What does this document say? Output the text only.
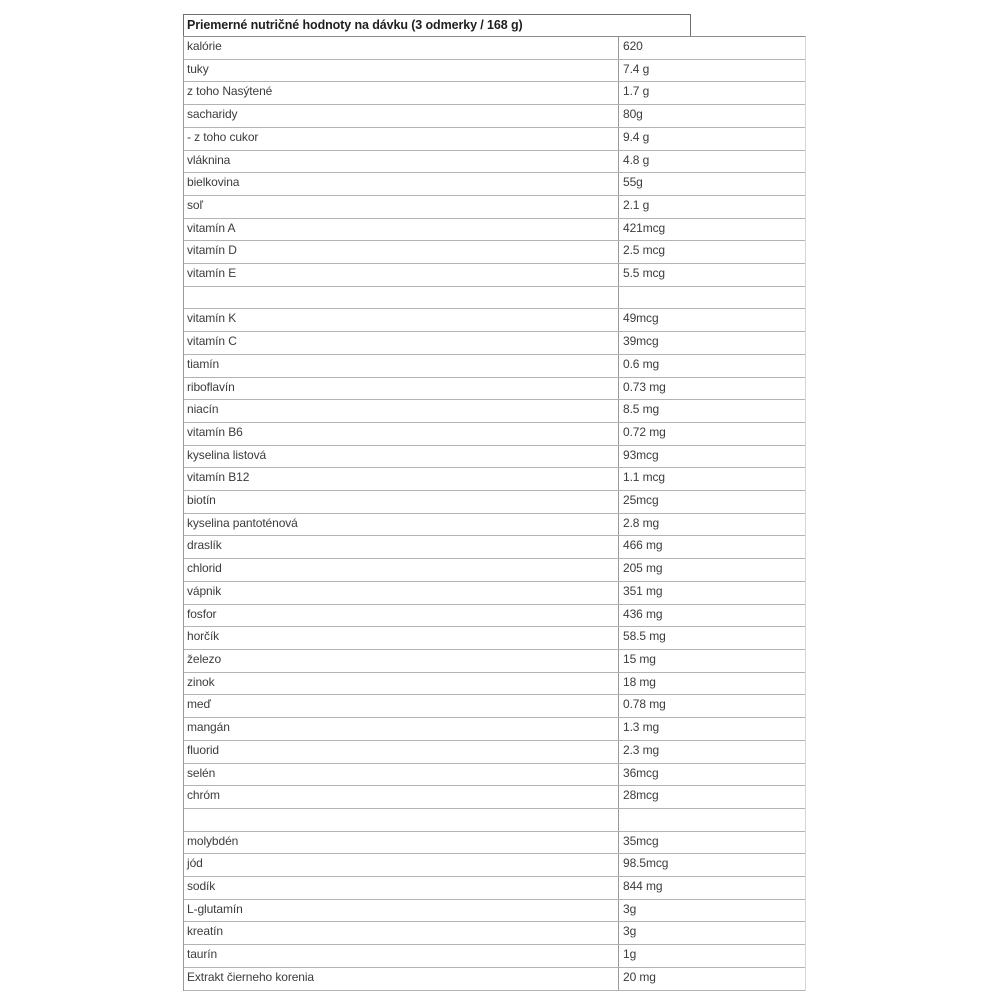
Priemerné nutričné hodnoty na dávku (3 odmerky / 168 g)
kalórie	620
tuky	7.4 g
z toho Nasýtené	1.7 g
sacharidy	80g
- z toho cukor	9.4 g
vláknina	4.8 g
bielkovina	55g
soľ	2.1 g
vitamín A	421mcg
vitamín D	2.5 mcg
vitamín E	5.5 mcg
vitamín K	49mcg
vitamín C	39mcg
tiamín	0.6 mg
riboflavín	0.73 mg
niacín	8.5 mg
vitamín B6	0.72 mg
kyselina listová	93mcg
vitamín B12	1.1 mcg
biotín	25mcg
kyselina pantoténová	2.8 mg
draslík	466 mg
chlorid	205 mg
vápnik	351 mg
fosfor	436 mg
horčík	58.5 mg
železo	15 mg
zinok	18 mg
meď	0.78 mg
mangán	1.3 mg
fluorid	2.3 mg
selén	36mcg
chróm	28mcg
molybdén	35mcg
jód	98.5mcg
sodík	844 mg
L-glutamín	3g
kreatín	3g
taurín	1g
Extrakt čierneho korenia	20 mg
